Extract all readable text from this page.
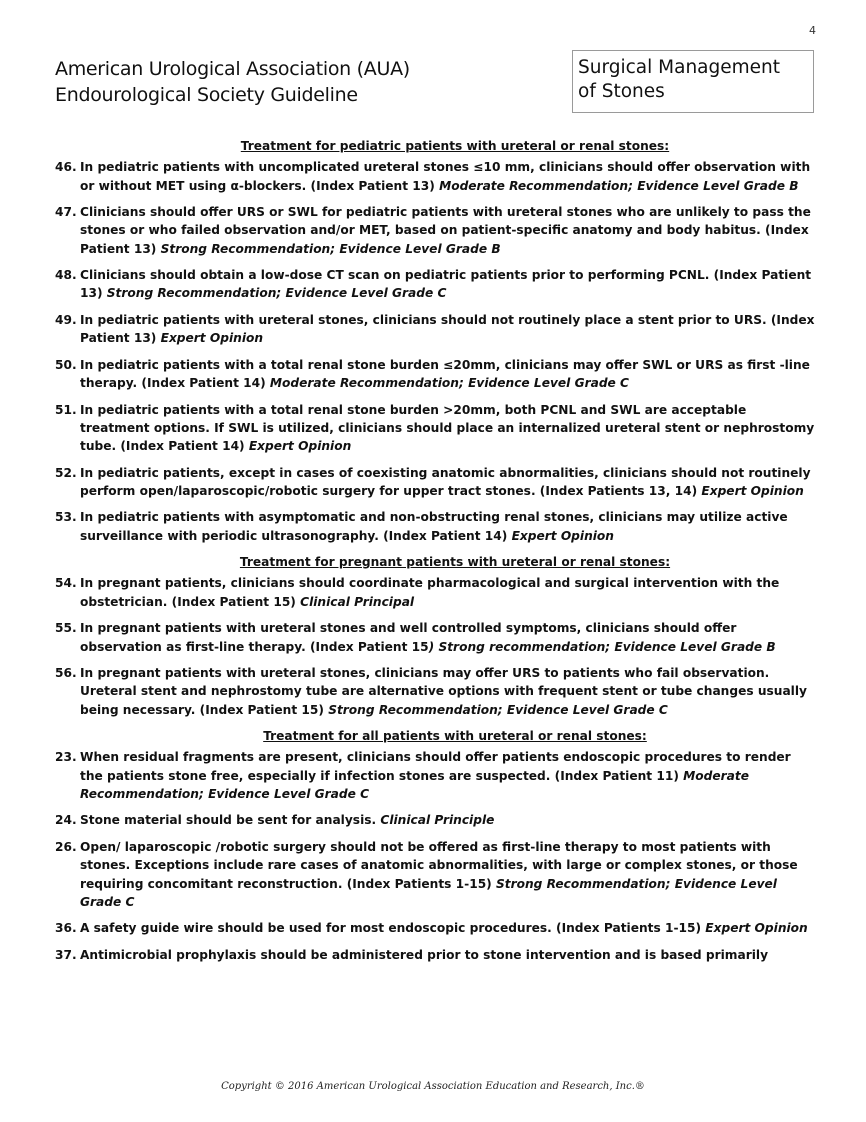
4
American Urological Association (AUA)
Endourological Society Guideline
Surgical Management
of Stones
Treatment for pediatric patients with ureteral or renal stones:
46. In pediatric patients with uncomplicated ureteral stones ≤10 mm, clinicians should offer observation with or without MET using α-blockers. (Index Patient 13) Moderate Recommendation; Evidence Level Grade B
47. Clinicians should offer URS or SWL for pediatric patients with ureteral stones who are unlikely to pass the stones or who failed observation and/or MET, based on patient-specific anatomy and body habitus. (Index Patient 13) Strong Recommendation; Evidence Level Grade B
48. Clinicians should obtain a low-dose CT scan on pediatric patients prior to performing PCNL. (Index Patient 13) Strong Recommendation; Evidence Level Grade C
49. In pediatric patients with ureteral stones, clinicians should not routinely place a stent prior to URS. (Index Patient 13) Expert Opinion
50. In pediatric patients with a total renal stone burden ≤20mm, clinicians may offer SWL or URS as first -line therapy. (Index Patient 14) Moderate Recommendation; Evidence Level Grade C
51. In pediatric patients with a total renal stone burden >20mm, both PCNL and SWL are acceptable treatment options. If SWL is utilized, clinicians should place an internalized ureteral stent or nephrostomy tube. (Index Patient 14) Expert Opinion
52. In pediatric patients, except in cases of coexisting anatomic abnormalities, clinicians should not routinely perform open/laparoscopic/robotic surgery for upper tract stones. (Index Patients 13, 14) Expert Opinion
53. In pediatric patients with asymptomatic and non-obstructing renal stones, clinicians may utilize active surveillance with periodic ultrasonography. (Index Patient 14) Expert Opinion
Treatment for pregnant patients with ureteral or renal stones:
54. In pregnant patients, clinicians should coordinate pharmacological and surgical intervention with the obstetrician. (Index Patient 15) Clinical Principal
55. In pregnant patients with ureteral stones and well controlled symptoms, clinicians should offer observation as first-line therapy. (Index Patient 15) Strong recommendation; Evidence Level Grade B
56. In pregnant patients with ureteral stones, clinicians may offer URS to patients who fail observation. Ureteral stent and nephrostomy tube are alternative options with frequent stent or tube changes usually being necessary. (Index Patient 15) Strong Recommendation; Evidence Level Grade C
Treatment for all patients with ureteral or renal stones:
23. When residual fragments are present, clinicians should offer patients endoscopic procedures to render the patients stone free, especially if infection stones are suspected. (Index Patient 11) Moderate Recommendation; Evidence Level Grade C
24. Stone material should be sent for analysis. Clinical Principle
26. Open/ laparoscopic /robotic surgery should not be offered as first-line therapy to most patients with stones. Exceptions include rare cases of anatomic abnormalities, with large or complex stones, or those requiring concomitant reconstruction. (Index Patients 1-15) Strong Recommendation; Evidence Level Grade C
36. A safety guide wire should be used for most endoscopic procedures. (Index Patients 1-15) Expert Opinion
37. Antimicrobial prophylaxis should be administered prior to stone intervention and is based primarily
Copyright © 2016 American Urological Association Education and Research, Inc.®
